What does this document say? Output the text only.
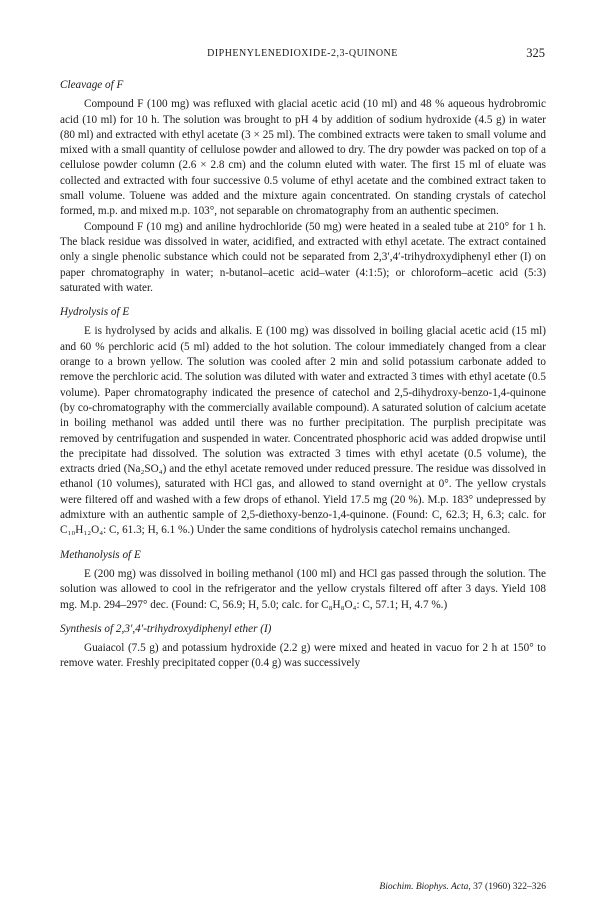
DIPHENYLENEDIOXIDE-2,3-QUINONE	325
Cleavage of F

Compound F (100 mg) was refluxed with glacial acetic acid (10 ml) and 48 % aqueous hydrobromic acid (10 ml) for 10 h. The solution was brought to pH 4 by addition of sodium hydroxide (4.5 g) in water (80 ml) and extracted with ethyl acetate (3 × 25 ml). The combined extracts were taken to small volume and mixed with a small quantity of cellulose powder and allowed to dry. The dry powder was packed on top of a cellulose powder column (2.6 × 2.8 cm) and the column eluted with water. The first 15 ml of eluate was collected and extracted with four successive 0.5 volume of ethyl acetate and the combined extract taken to small volume. Toluene was added and the mixture again concentrated. On standing crystals of catechol formed, m.p. and mixed m.p. 103°, not separable on chromatography from an authentic specimen.

Compound F (10 mg) and aniline hydrochloride (50 mg) were heated in a sealed tube at 210° for 1 h. The black residue was dissolved in water, acidified, and extracted with ethyl acetate. The extract contained only a single phenolic substance which could not be separated from 2,3′,4′-trihydroxydiphenyl ether (I) on paper chromatography in water; n-butanol–acetic acid–water (4:1:5); or chloroform–acetic acid (5:3) saturated with water.

Hydrolysis of E

E is hydrolysed by acids and alkalis. E (100 mg) was dissolved in boiling glacial acetic acid (15 ml) and 60 % perchloric acid (5 ml) added to the hot solution. The colour immediately changed from a clear orange to a brown yellow. The solution was cooled after 2 min and solid potassium carbonate added to remove the perchloric acid. The solution was diluted with water and extracted 3 times with ethyl acetate (0.5 volume). Paper chromatography indicated the presence of catechol and 2,5-dihydroxy-benzo-1,4-quinone (by co-chromatography with the commercially available compound). A saturated solution of calcium acetate in boiling methanol was added until there was no further precipitation. The purplish precipitate was removed by centrifugation and suspended in water. Concentrated phosphoric acid was added dropwise until the precipitate had dissolved. The solution was extracted 3 times with ethyl acetate (0.5 volume), the extracts dried (Na₂SO₄) and the ethyl acetate removed under reduced pressure. The residue was dissolved in ethanol (10 volumes), saturated with HCl gas, and allowed to stand overnight at 0°. The yellow crystals were filtered off and washed with a few drops of ethanol. Yield 17.5 mg (20 %). M.p. 183° undepressed by admixture with an authentic sample of 2,5-diethoxy-benzo-1,4-quinone. (Found: C, 62.3; H, 6.3; calc. for C₁₀H₁₂O₄: C, 61.3; H, 6.1 %.) Under the same conditions of hydrolysis catechol remains unchanged.

Methanolysis of E

E (200 mg) was dissolved in boiling methanol (100 ml) and HCl gas passed through the solution. The solution was allowed to cool in the refrigerator and the yellow crystals filtered off after 3 days. Yield 108 mg. M.p. 294–297° dec. (Found: C, 56.9; H, 5.0; calc. for C₈H₈O₄: C, 57.1; H, 4.7 %.)

Synthesis of 2,3′,4′-trihydroxydiphenyl ether (I)

Guaiacol (7.5 g) and potassium hydroxide (2.2 g) were mixed and heated in vacuo for 2 h at 150° to remove water. Freshly precipitated copper (0.4 g) was successively

Biochim. Biophys. Acta, 37 (1960) 322–326
